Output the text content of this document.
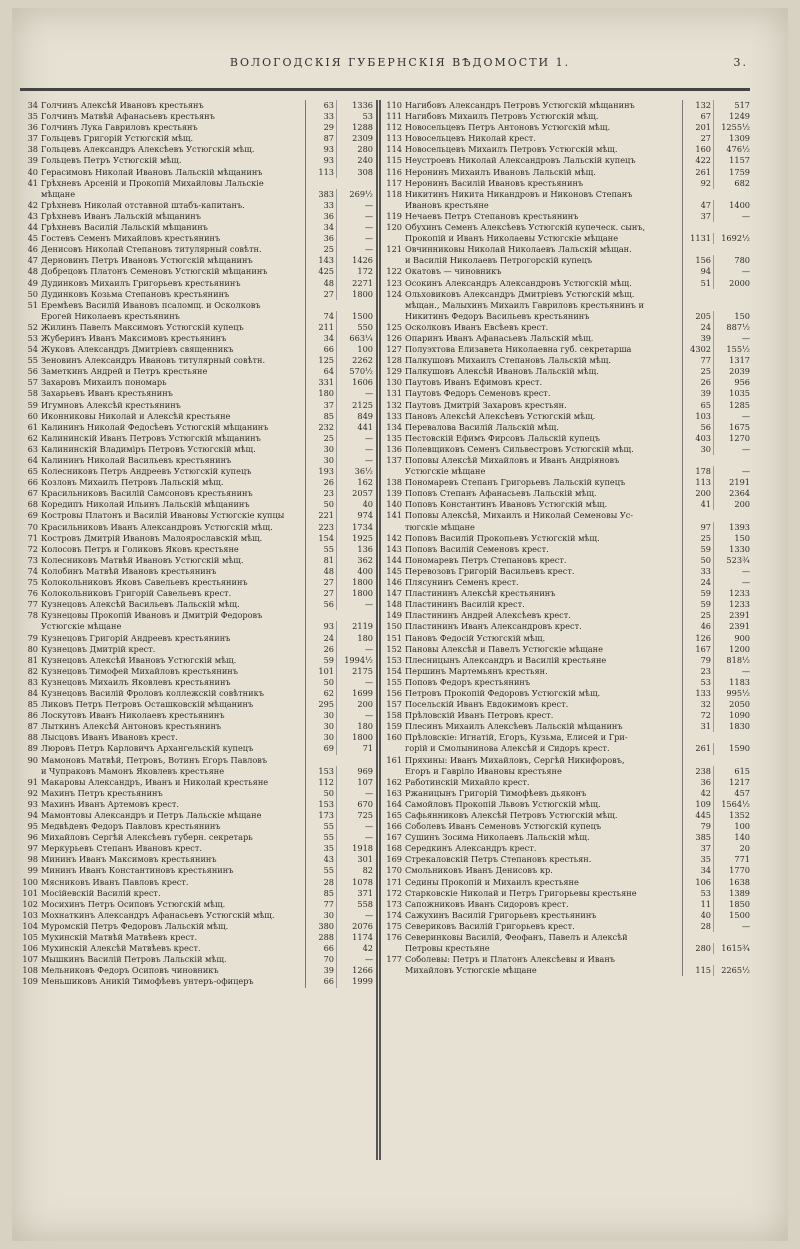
ВОЛОГОДСКІЯ ГУБЕРНСКІЯ ВѢДОМОСТИ 1.	3.
34 Голчинъ Алексѣй Ивановъ крестьянъ	63	1336
35 Голчинъ Матвѣй Афанасьевъ крестьянъ	33	53
36 Голчинъ Лука Гавриловъ крестьянъ	29	1288
37 Гольцевъ Григорій Устюгскій мѣщ.	87	2309
38 Гольцевъ Александръ Алексѣевъ Устюгскій мѣщ.	93	280
39 Гольцевъ Петръ Устюгскій мѣщ.	93	240
40 Герасимовъ Николай Ивановъ Лальскій мѣщанинъ	113	308
41 Грѣхневъ Арсеній и Прокопій Михайловы Лальскіе
мѣщане	383	269½
42 Грѣхневъ Николай отставной штабъ-капитанъ.	33	—
43 Грѣхневъ Иванъ Лальскій мѣщанинъ	36	—
44 Грѣхневъ Василій Лальскій мѣщанинъ	34	—
45 Гостевъ Семенъ Михайловъ крестьянинъ	36	—
46 Денисовъ Николай Степановъ титулярный совѣтн.	25	—
47 Дерновинъ Петръ Ивановъ Устюгскій мѣщанинъ	143	1426
48 Добрецовъ Платонъ Семеновъ Устюгскій мѣщанинъ	425	172
49 Дудинковъ Михаилъ Григорьевъ крестьянинъ	48	2271
50 Дудинковъ Козьма Степановъ крестьянинъ	27	1800
51 Еремѣевъ Василій Ивановъ псаломщ. и Осколковъ
Ерогей Николаевъ крестьянинъ	74	1500
52 Жилинъ Павелъ Максимовъ Устюгскій купецъ	211	550
53 Жуберинъ Иванъ Максимовъ крестьянинъ	34	663¼
54 Жуковъ Александръ Дмитріевъ священникъ	66	100
55 Зеновинъ Александръ Ивановъ титулярный совѣтн.	125	2262
56 Заметкинъ Андрей и Петръ крестьяне	64	570½
57 Захаровъ Михаилъ пономарь	331	1606
58 Захарьевъ Иванъ крестьянинъ	180	—
59 Игумновъ Алексѣй крестьянинъ	37	2125
60 Иконниковы Николай и Алексѣй крестьяне	85	849
61 Калининъ Николай Федосѣевъ Устюгскій мѣщанинъ	232	441
62 Калининскій Иванъ Петровъ Устюгскій мѣщанинъ	25	—
63 Калининскій Владиміръ Петровъ Устюгскій мѣщ.	30	—
64 Калининъ Николай Васильевъ крестьянинъ	30	—
65 Колесниковъ Петръ Андреевъ Устюгскій купецъ	193	36½
66 Козловъ Михаилъ Петровъ Лальскій мѣщ.	26	162
67 Красильниковъ Василій Самсоновъ крестьянинъ	23	2057
68 Коредипъ Николай Ильинъ Лальскій мѣщанинъ	50	40
69 Костровы Платонъ и Василій Ивановы Устюгскіе купцы	221	974
70 Красильниковъ Иванъ Александровъ Устюгскій мѣщ.	223	1734
71 Костровъ Дмитрій Ивановъ Малоярославскій мѣщ.	154	1925
72 Колосовъ Петръ и Голиковъ Яковъ крестьяне	55	136
73 Колесниковъ Матвѣй Ивановъ Устюгскій мѣщ.	81	362
74 Колобинъ Матвѣй Ивановъ крестьянинъ	48	400
75 Колокольниковъ Яковъ Савельевъ крестьянинъ	27	1800
76 Колокольниковъ Григорій Савельевъ крест.	27	1800
77 Кузнецовъ Алексѣй Васильевъ Лальскій мѣщ.	56	—
78 Кузнецовы Прокопій Ивановъ и Дмитрій Федоровъ
Устюгскіе мѣщане	93	2119
79 Кузнецовъ Григорій Андреевъ крестьянинъ	24	180
80 Кузнецовъ Дмитрій крест.	26	—
81 Кузнецовъ Алексѣй Ивановъ Устюгскій мѣщ.	59	1994½
82 Кузнецовъ Тимофей Михайловъ крестьянинъ	101	2175
83 Кузнецовъ Михаилъ Яковлевъ крестьянинъ	50	—
84 Кузнецовъ Василій Фроловъ коллежскій совѣтникъ	62	1699
85 Ликовъ Петръ Петровъ Осташковскій мѣщанинъ	295	200
86 Лоскутовъ Иванъ Николаевъ крестьянинъ	30	—
87 Лыткинъ Алексѣй Антоновъ крестьянинъ	30	180
88 Лысцовъ Иванъ Ивановъ крест.	30	1800
89 Люровъ Петръ Карловичъ Архангельскій купецъ	69	71
90 Мамоновъ Матвѣй, Петровъ, Вотинъ Егоръ Павловъ
и Чупраковъ Мамонъ Яковлевъ крестьяне	153	969
91 Макаровы Александръ, Иванъ и Николай крестьяне	112	107
92 Махинъ Петръ крестьянинъ	50	—
93 Махинъ Иванъ Артемовъ крест.	153	670
94 Мамонтовы Александръ и Петръ Лальскіе мѣщане	173	725
95 Медвѣдевъ Федоръ Павловъ крестьянинъ	55	—
96 Михайловъ Сергѣй Алексѣевъ губерн. секретарь	55	—
97 Меркурьевъ Степанъ Ивановъ крест.	35	1918
98 Мининъ Иванъ Максимовъ крестьянинъ	43	301
99 Мининъ Иванъ Константиновъ крестьянинъ	55	82
100 Мясниковъ Иванъ Павловъ крест.	28	1078
101 Мосійевскій Василій крест.	85	371
102 Мосихинъ Петръ Осиповъ Устюгскій мѣщ.	77	558
103 Мохнаткинъ Александръ Афанасьевъ Устюгскій мѣщ.	30	—
104 Муромскій Петръ Федоровъ Лальскій мѣщ.	380	2076
105 Мухинскій Матвѣй Матвѣевъ крест.	288	1174
106 Мухинскій Алексѣй Матвѣевъ крест.	66	42
107 Мышкинъ Василій Петровъ Лальскій мѣщ.	70	—
108 Мельниковъ Федоръ Осиповъ чиновникъ	39	1266
109 Меньшиковъ Аникій Тимофѣевъ унтеръ-офицеръ	66	1999
110 Нагибовъ Александръ Петровъ Устюгскій мѣщанинъ	132	517
111 Нагибовъ Михаилъ Петровъ Устюгскій мѣщ.	67	1249
112 Новосельцевъ Петръ Антоновъ Устюгскій мѣщ.	201	1255½
113 Новосельцевъ Николай крест.	27	1309
114 Новосельцевъ Михаилъ Петровъ Устюгскій мѣщ.	160	476½
115 Неустроевъ Николай Александровъ Лальскій купецъ	422	1157
116 Неронинъ Михаилъ Ивановъ Лальскій мѣщ.	261	1759
117 Неронинъ Василій Ивановъ крестьянинъ	92	682
118 Никитинъ Никита Никандровъ и Никоновъ Степанъ
Ивановъ крестьяне	47	1400
119 Нечаевъ Петръ Степановъ крестьянинъ	37	—
120 Обухинъ Семенъ Алексѣевъ Устюгскій купеческ. сынъ,
Прокопій и Иванъ Николаевы Устюгскіе мѣщане	1131	1692½
121 Овчинниковы Николай Николаевъ Лальскій мѣщан.
и Василій Николаевъ Петрогорскій купецъ	156	780
122 Окатовъ — чиновникъ	94	—
123 Осокинъ Александръ Александровъ Устюгскій мѣщ.	51	2000
124 Ольховиковъ Александръ Дмитріевъ Устюгскій мѣщ.
мѣщан., Малыхинъ Михаилъ Гавриловъ крестьянинъ и
Никитинъ Федоръ Васильевъ крестьянинъ	205	150
125 Осколковъ Иванъ Евсѣевъ крест.	24	887½
126 Опаринъ Иванъ Афанасьевъ Лальскій мѣщ.	39	—
127 Полуэхтова Елизавета Николаевна губ. секретарша	4302	155½
128 Палкушовъ Михаилъ Степановъ Лальскій мѣщ.	77	1317
129 Палкушовъ Алексѣй Ивановъ Лальскій мѣщ.	25	2039
130 Паутовъ Иванъ Ефимовъ крест.	26	956
131 Паутовъ Федоръ Семеновъ крест.	39	1035
132 Паутовъ Дмитрій Захаровъ крестьян.	65	1285
133 Пановъ Алексѣй Алексѣевъ Устюгскій мѣщ.	103	—
134 Перевалова Василій Лальскій мѣщ.	56	1675
135 Пестовскій Ефимъ Фирсовъ Лальскій купецъ	403	1270
136 Полевщиковъ Семенъ Сильвестровъ Устюгскій мѣщ.	30	—
137 Поповы Алексѣй Михайловъ и Иванъ Андріяновъ
Устюгскіе мѣщане	178	—
138 Пономаревъ Степанъ Григорьевъ Лальскій купецъ	113	2191
139 Поповъ Степанъ Афанасьевъ Лальскій мѣщ.	200	2364
140 Поповъ Константинъ Ивановъ Устюгскій мѣщ.	41	200
141 Поповы Алексѣй, Михаилъ и Николай Семеновы Ус-
тюгскіе мѣщане	97	1393
142 Поповъ Василій Прокопьевъ Устюгскій мѣщ.	25	150
143 Поповъ Василій Семеновъ крест.	59	1330
144 Пономаревъ Петръ Степановъ крест.	50	523¾
145 Перевозовъ Григорій Васильевъ крест.	33	—
146 Плясунинъ Семенъ крест.	24	—
147 Пластининъ Алексѣй крестьянинъ	59	1233
148 Пластининъ Василій крест.	59	1233
149 Пластининъ Андрей Алексѣевъ крест.	25	2391
150 Пластининъ Иванъ Александровъ крест.	46	2391
151 Пановъ Федосій Устюгскій мѣщ.	126	900
152 Пановы Алексѣй и Павелъ Устюгскіе мѣщане	167	1200
153 Плесницынъ Александръ и Василій крестьяне	79	818½
154 Першинъ Мартемьянъ крестьян.	23	—
155 Поповъ Федоръ крестьянинъ	53	1183
156 Петровъ Прокопій Федоровъ Устюгскій мѣщ.	133	995½
157 Посельскій Иванъ Евдокимовъ крест.	32	2050
158 Прѣловскій Иванъ Петровъ крест.	72	1090
159 Плесинъ Михаилъ Алексѣевъ Лальскій мѣщанинъ	31	1830
160 Прѣловскіе: Игнатій, Егоръ, Кузьма, Елисей и Гри-
горій и Смолынинова Алексѣй и Сидоръ крест.	261	1590
161 Пряхины: Иванъ Михайловъ, Сергѣй Никифоровъ,
Егоръ и Гавріло Ивановы крестьяне	238	615
162 Работинскій Михайло крест.	36	1217
163 Ржаницынъ Григорій Тимофѣевъ дьяконъ	42	457
164 Самойловъ Прокопій Львовъ Устюгскій мѣщ.	109	1564½
165 Сафьянниковъ Алексѣй Петровъ Устюгскій мѣщ.	445	1352
166 Соболевъ Иванъ Семеновъ Устюгскій купецъ	79	100
167 Сушинъ Зосима Николаевъ Лальскій мѣщ.	385	140
168 Середкинъ Александръ крест.	37	20
169 Стрекаловскій Петръ Степановъ крестьян.	35	771
170 Смольниковъ Иванъ Денисовъ кр.	34	1770
171 Седины Прокопій и Михаилъ крестьяне	106	1638
172 Старковскіе Николай и Петръ Григорьевы крестьяне	53	1389
173 Сапожниковъ Иванъ Сидоровъ крест.	11	1850
174 Сажухинъ Василій Григорьевъ крестьянинъ	40	1500
175 Севериковъ Василій Григорьевъ крест.	28	—
176 Северинковы Василій, Феофанъ, Павелъ и Алексѣй
Петровы крестьяне	280	1615¾
177 Соболевы: Петръ и Платонъ Алексѣевы и Иванъ
Михайловъ Устюгскіе мѣщане	115	2265½
